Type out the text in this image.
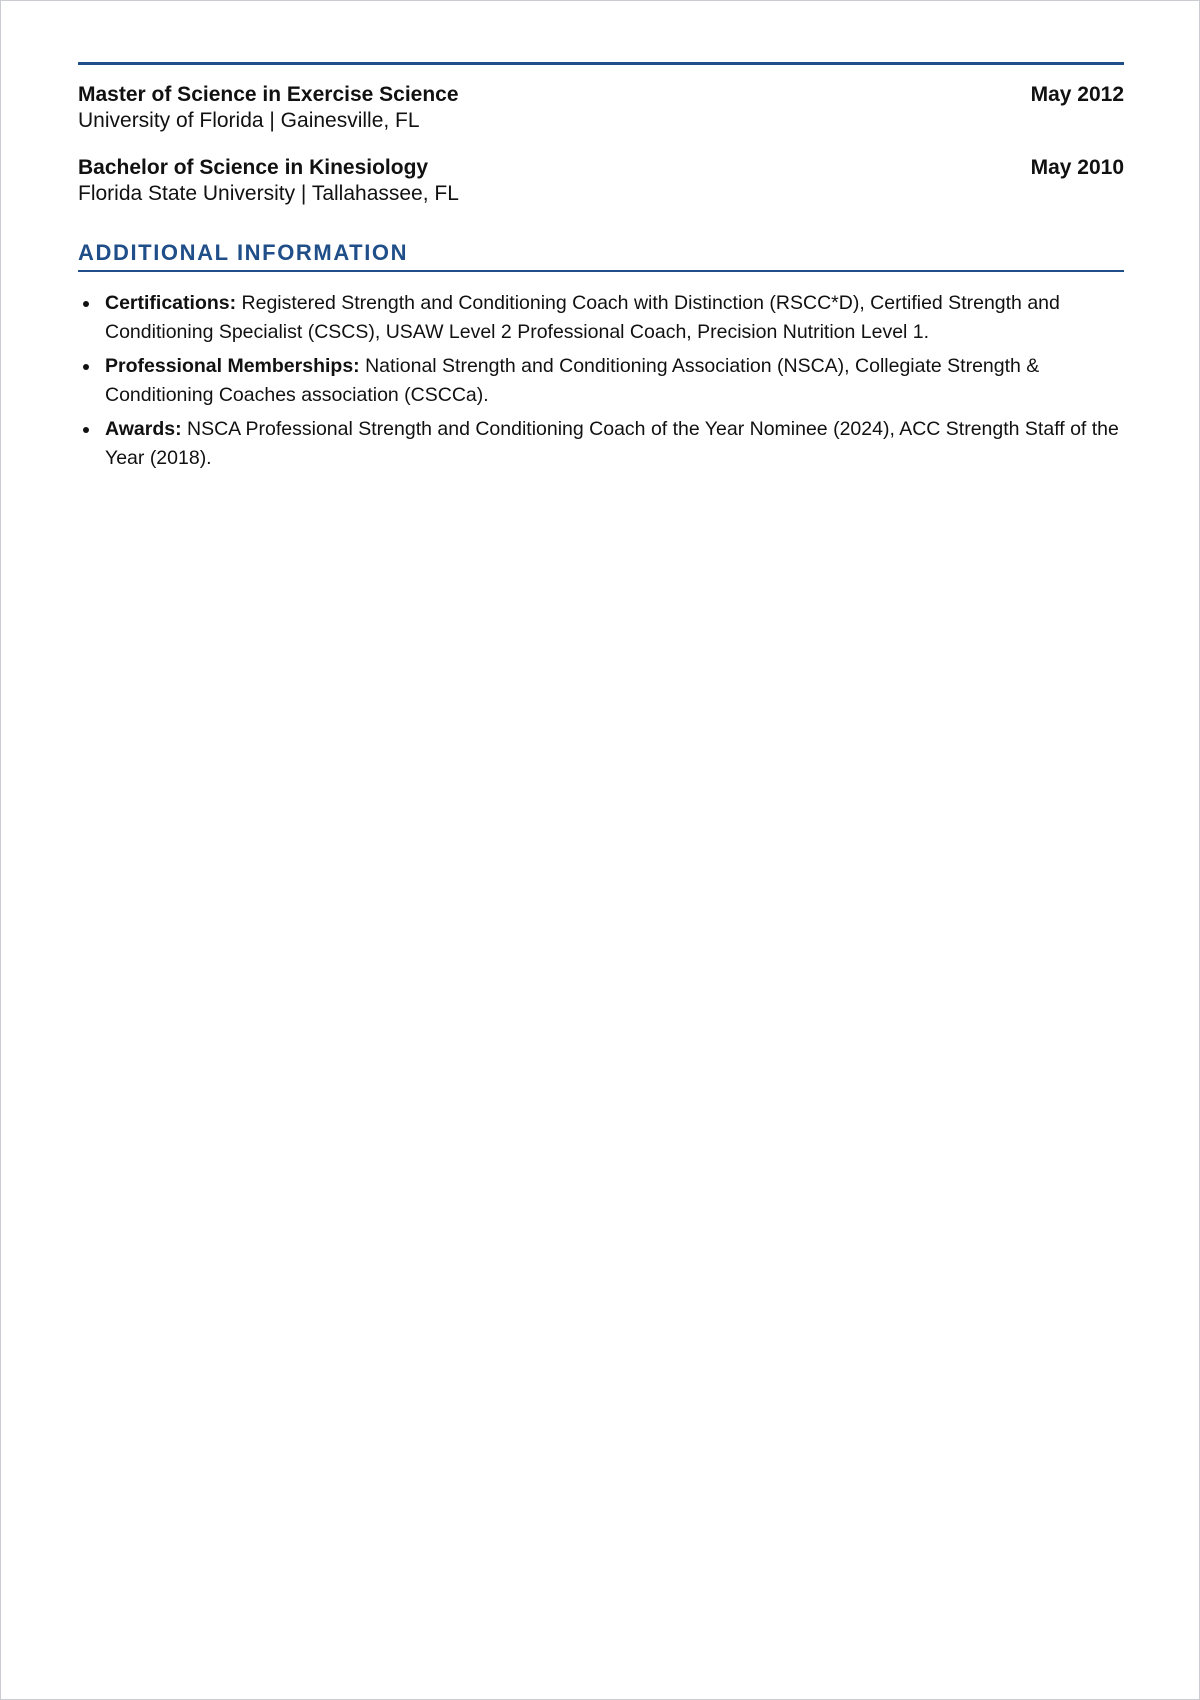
Master of Science in Exercise Science	May 2012
University of Florida | Gainesville, FL
Bachelor of Science in Kinesiology	May 2010
Florida State University | Tallahassee, FL
ADDITIONAL INFORMATION
Certifications: Registered Strength and Conditioning Coach with Distinction (RSCC*D), Certified Strength and Conditioning Specialist (CSCS), USAW Level 2 Professional Coach, Precision Nutrition Level 1.
Professional Memberships: National Strength and Conditioning Association (NSCA), Collegiate Strength & Conditioning Coaches association (CSCCa).
Awards: NSCA Professional Strength and Conditioning Coach of the Year Nominee (2024), ACC Strength Staff of the Year (2018).
